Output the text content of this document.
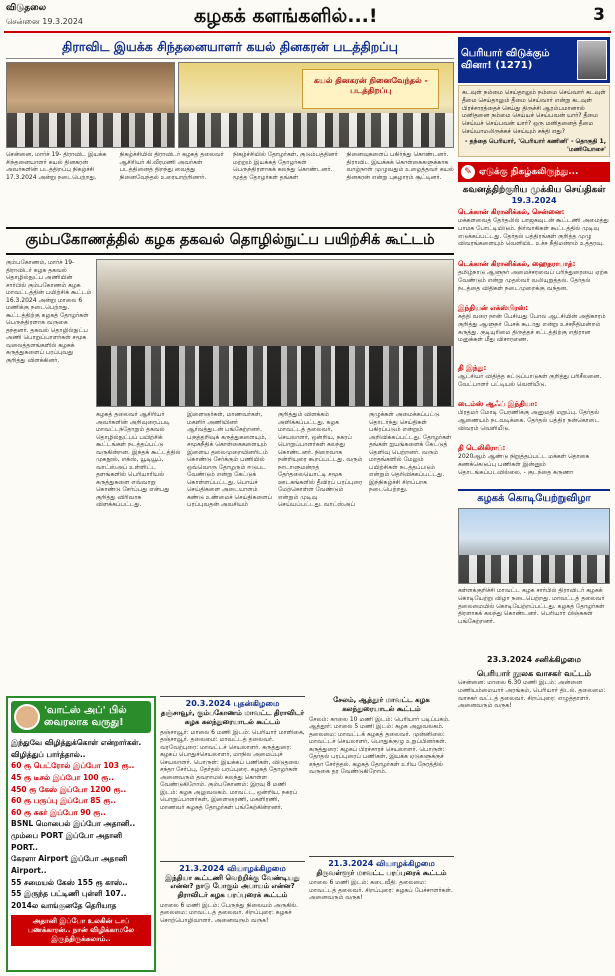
விடுதலை
சென்னை 19.3.2024	கழகக் களங்களில்...!	3
திராவிட இயக்க சிந்தனையாளர் கயல் தினகரன் படத்திறப்பு
கயல் தினகரன் நினைவேந்தல் - படத்திறப்பு
சென்னை, மார்ச் 19- திராவிட இயக்க சிந்தனையாளர் கயல் தினகரன் அவர்களின் படத்திறப்பு நிகழ்ச்சி 17.3.2024 அன்று நடைபெற்றது. நிகழ்ச்சியில் திராவிடர் கழகத் தலைவர் ஆசிரியர் கி.வீரமணி அவர்கள் படத்தினைத் திறந்து வைத்து நினைவேந்தல் உரையாற்றினார். நிகழ்ச்சியில் தோழர்கள், குடும்பத்தினர் மற்றும் இயக்கத் தோழர்கள் பெருந்திரளாகக் கலந்து கொண்டனர். மூத்த தோழர்கள் தங்கள் நினைவுகளைப் பகிர்ந்து கொண்டனர். திராவிட இயக்கக் கொள்கைகளுக்காக வாழ்நாள் முழுவதும் உழைத்தவர் கயல் தினகரன் என்று புகழாரம் சூட்டினர்.
கும்பகோணத்தில் கழக தகவல் தொழில்நுட்ப பயிற்சிக் கூட்டம்
கும்பகோணம், மார்ச் 19- திராவிடர் கழக தகவல் தொழில்நுட்ப அணியின் சார்பில் கும்பகோணம் கழக மாவட்டத்தின் பயிற்சிக் கூட்டம் 16.3.2024 அன்று மாலை 6 மணிக்கு நடைபெற்றது. கூட்டத்திற்கு கழகத் தோழர்கள் பெருந்திரளாக வருகை தந்தனர். தகவல் தொழில்நுட்ப அணி பொறுப்பாளர்கள் சமூக வலைத்தளங்களில் கழகக் கருத்துகளைப் பரப்புவது குறித்து விளக்கினர்.
கழகத் தலைவர் ஆசிரியர் அவர்களின் அறிவுரைப்படி மாவட்டந்தோறும் தகவல் தொழில்நுட்பப் பயிற்சிக் கூட்டங்கள் நடத்தப்பட்டு வருகின்றன. இந்தக் கூட்டத்தில் முகநூல், எக்ஸ், யூடியூப், வாட்ஸ்அப் உள்ளிட்ட தளங்களில் பெரியாரியல் கருத்துகளை எவ்வாறு கொண்டு சேர்ப்பது என்பது குறித்து விரிவாக விளக்கப்பட்டது. இளைஞர்கள், மாணவர்கள், மகளிர் அணியினர் ஆர்வத்துடன் பங்கேற்றனர். பகுத்தறிவுக் கருத்துகளையும், சமூகநீதிக் கொள்கைகளையும் இளைய தலைமுறையினரிடம் கொண்டு சேர்க்கும் பணியில் ஒவ்வொரு தோழரும் ஈடுபட வேண்டும் என்று கேட்டுக் கொள்ளப்பட்டது. பொய்ச் செய்திகளை அடையாளம் கண்டு உண்மைச் செய்திகளைப் பரப்புவதன் அவசியம் குறித்தும் விளக்கம் அளிக்கப்பட்டது. கழக மாவட்டத் தலைவர், செயலாளர், ஒன்றிய, நகரப் பொறுப்பாளர்கள் கலந்து கொண்டனர். நிறைவாக நன்றியுரை கூறப்பட்டது. வரும் நாடாளுமன்றத் தேர்தலையொட்டி சமூக ஊடகங்களில் தீவிரப் பரப்புரை மேற்கொள்ள வேண்டும் என்றும் முடிவு செய்யப்பட்டது. வாட்ஸ்அப் குழுக்கள் அமைக்கப்பட்டு தொடர்ந்து செய்திகள் பகிரப்படும் என்றும் அறிவிக்கப்பட்டது. தோழர்கள் தங்கள் ஐயங்களைக் கேட்டுத் தெளிவு பெற்றனர். வரும் மாதங்களில் மேலும் பயிற்சிகள் நடத்தப்படும் என்றும் தெரிவிக்கப்பட்டது. இந்நிகழ்ச்சி சிறப்பாக நடைபெற்றது.
'வாட்ஸ் அப்' பில் வைரலாக வருது!
இந்துவே விழித்துக்கொள் என்றார்கள்.
விழித்துப் பார்த்தால்..
60 ரூ பெட்ரோல் இப்போ 103 ரூ..
45 ரூ டீசல் இப்போ 100 ரூ..
450 ரூ கேஸ் இப்போ 1200 ரூ..
60 ரூ பருப்பு இப்போ 85 ரூ..
60 ரூ சுகர் இப்போ 90 ரூ..
BSNL மொபைல் இப்போ அதானி..
மும்பை PORT இப்போ அதானி PORT..
கேரளா Airport இப்போ அதானி Airport..
55 சமையல் கேஸ் 155 ரூ காஸ்..
55 இருந்த பட்டிணி புள்ளி 107..
2014ல வாங்குனதே தெரியாத
அதானி இப்போ உலகின் டாப் பணக்காரன்.. நான் விழிக்காமலே இருந்திருக்கலாம்..
20.3.2024 புதன்கிழமை
தஞ்சாவூர், கும்பகோணம் மாவட்ட திராவிடர் கழக கலந்துரையாடல் கூட்டம்
தஞ்சாவூர்: மாலை 6 மணி இடம்: பெரியார் மாளிகை, தஞ்சாவூர். தலைமை: மாவட்டத் தலைவர். வரவேற்புரை: மாவட்டச் செயலாளர். கருத்துரை: கழகப் பொதுச்செயலாளர், மாநில அமைப்புச் செயலாளர். பொருள்: இயக்கப் பணிகள், விடுதலை சந்தா சேர்ப்பு, தேர்தல் பரப்புரை. கழகத் தோழர்கள் அனைவரும் தவறாமல் கலந்து கொள்ள வேண்டுகிறோம். கும்பகோணம்: இரவு 8 மணி இடம்: கழக அலுவலகம். மாவட்ட, ஒன்றிய, நகரப் பொறுப்பாளர்கள், இளைஞரணி, மகளிரணி, மாணவர் கழகத் தோழர்கள் பங்கேற்கின்றனர்.
21.3.2024 வியாழக்கிழமை
இந்தியா கூட்டணி வெற்றிக்கு வேண்டியது என்ன? நாடு போகும் அபாயம் என்ன? திராவிடர் கழக பரப்புரைக் கூட்டம்
மாலை 6 மணி இடம்: பேருந்து நிலையம் அருகில். தலைமை: மாவட்டத் தலைவர். சிறப்புரை: கழகச் சொற்பொழிவாளர். அனைவரும் வருக!
சேலம், ஆத்தூர் மாவட்ட கழக கலந்துரையாடல் கூட்டம்
சேலம்: காலை 10 மணி இடம்: பெரியார் படிப்பகம். ஆத்தூர்: மாலை 5 மணி இடம்: கழக அலுவலகம். தலைமை: மாவட்டக் கழகத் தலைவர். முன்னிலை: மாவட்டச் செயலாளர், பொதுக்குழு உறுப்பினர்கள். கருத்துரை: கழகப் பிரச்சாரச் செயலாளர். பொருள்: தேர்தல் பரப்புரைப் பணிகள், இயக்க ஏடுகளுக்குச் சந்தா சேர்த்தல். கழகத் தோழர்கள் உரிய நேரத்தில் வருகை தர வேண்டுகிறோம்.
21.3.2024 வியாழக்கிழமை
திருவள்ளூர் மாவட்ட பரப்புரைக் கூட்டம்
மாலை 6 மணி இடம்: கடைவீதி. தலைமை: மாவட்டத் தலைவர். சிறப்புரை: கழகப் பேச்சாளர்கள். அனைவரும் வருக!
பெரியார் விடுக்கும் வினா! (1271)
கடவுள் நம்மை செய்தாலும் நம்மை செய்வார் கடவுள் தீமை செய்தாலும் தீமை செய்வார் என்று கடவுள் பிரச்சாரத்தைச் செய்து திருச்சி ஆரம்பமானால் மனிதனை நம்மை செய்யச் செய்பவன் யார்? தீமை செய்யச் செய்பவன் யார்? ஒரு மனிதனைத் தீமை செய்யாமலிருக்கச் செய்யும் சக்தி எது?
- தந்தை பெரியார், 'பெரியார் கணினி' - தொகுதி 1, 'மணியோசை'
✎ ஏடுக்கு நிகழ்கலிருந்து...
கவனத்திற்குரிய முக்கிய செய்திகள்
19.3.2024
டெக்கான் கிரானிக்கல், சென்னை:
மக்களவைத் தேர்தலில் பாஜகவுடன் கூட்டணி அமைத்து பாமக போட்டியிடும். நிர்வாகிகள் கூட்டத்தில் முடிவு எடுக்கப்பட்டது. தேர்தல் பத்திரங்கள் குறித்த முழு விவரங்களையும் வெளியிட உச்ச நீதிமன்றம் உத்தரவு.
டெக்கான் கிரானிக்கல், ஹைதராபாத்:
தமிழ்நாடு ஆளுநர் அமைச்சரவைப் பரிந்துரையை ஏற்க வேண்டும் என்று முதல்வர் வலியுறுத்தல். தேர்தல் நடத்தை விதிகள் நடைமுறைக்கு வந்தன.
இந்தியன் எக்ஸ்பிரஸ்:
சுத்தி வரை நான் பேசியது போல ஆட்சியின் அதிகாரம் குறித்து ஆளுநர் பேசக் கூடாது என்று உச்சநீதிமன்றம் கருத்து. குடியுரிமை திருத்தச் சட்டத்திற்கு எதிரான மனுக்கள் மீது விசாரணை.
தி இந்து:
ஆட்சியர் விதித்த கட்டுப்பாடுகள் குறித்து பரிசீலனை. வேட்பாளர் பட்டியல் வெளியீடு.
டைம்ஸ் ஆஃப் இந்தியா:
பிரதமர் மோடி பேரணிக்கு அனுமதி மறுப்பு. தேர்தல் ஆணையம் நடவடிக்கை. தேர்தல் பத்திர நன்கொடை விவரம் வெளியீடு.
தி டெலிகிராப்:
2020ஆம் ஆண்டு நிறுத்தப்பட்ட மக்கள் தொகை கணக்கெடுப்பு பணிகள் இன்னும் தொடங்கப்படவில்லை. - குடந்தை கருணா
கழகக் கொடியேற்றுவிழா
கள்ளக்குறிச்சி மாவட்ட கழக சார்பில் திராவிடர் கழகக் கொடியேற்று விழா நடைபெற்றது. மாவட்டத் தலைவர் தலைமையில் கொடியேற்றப்பட்டது. கழகத் தோழர்கள் திரளாகக் கலந்து கொண்டனர். பெரியார் பிஞ்சுகள் பங்கேற்றனர்.
23.3.2024 சனிக்கிழமை
பெரியார் நூலக வாசகர் வட்டம்
சென்னை: மாலை 6.30 மணி இடம்: அன்னை மணியம்மையார் அரங்கம், பெரியார் திடல். தலைமை: வாசகர் வட்டத் தலைவர். சிறப்புரை: எழுத்தாளர். அனைவரும் வருக!
